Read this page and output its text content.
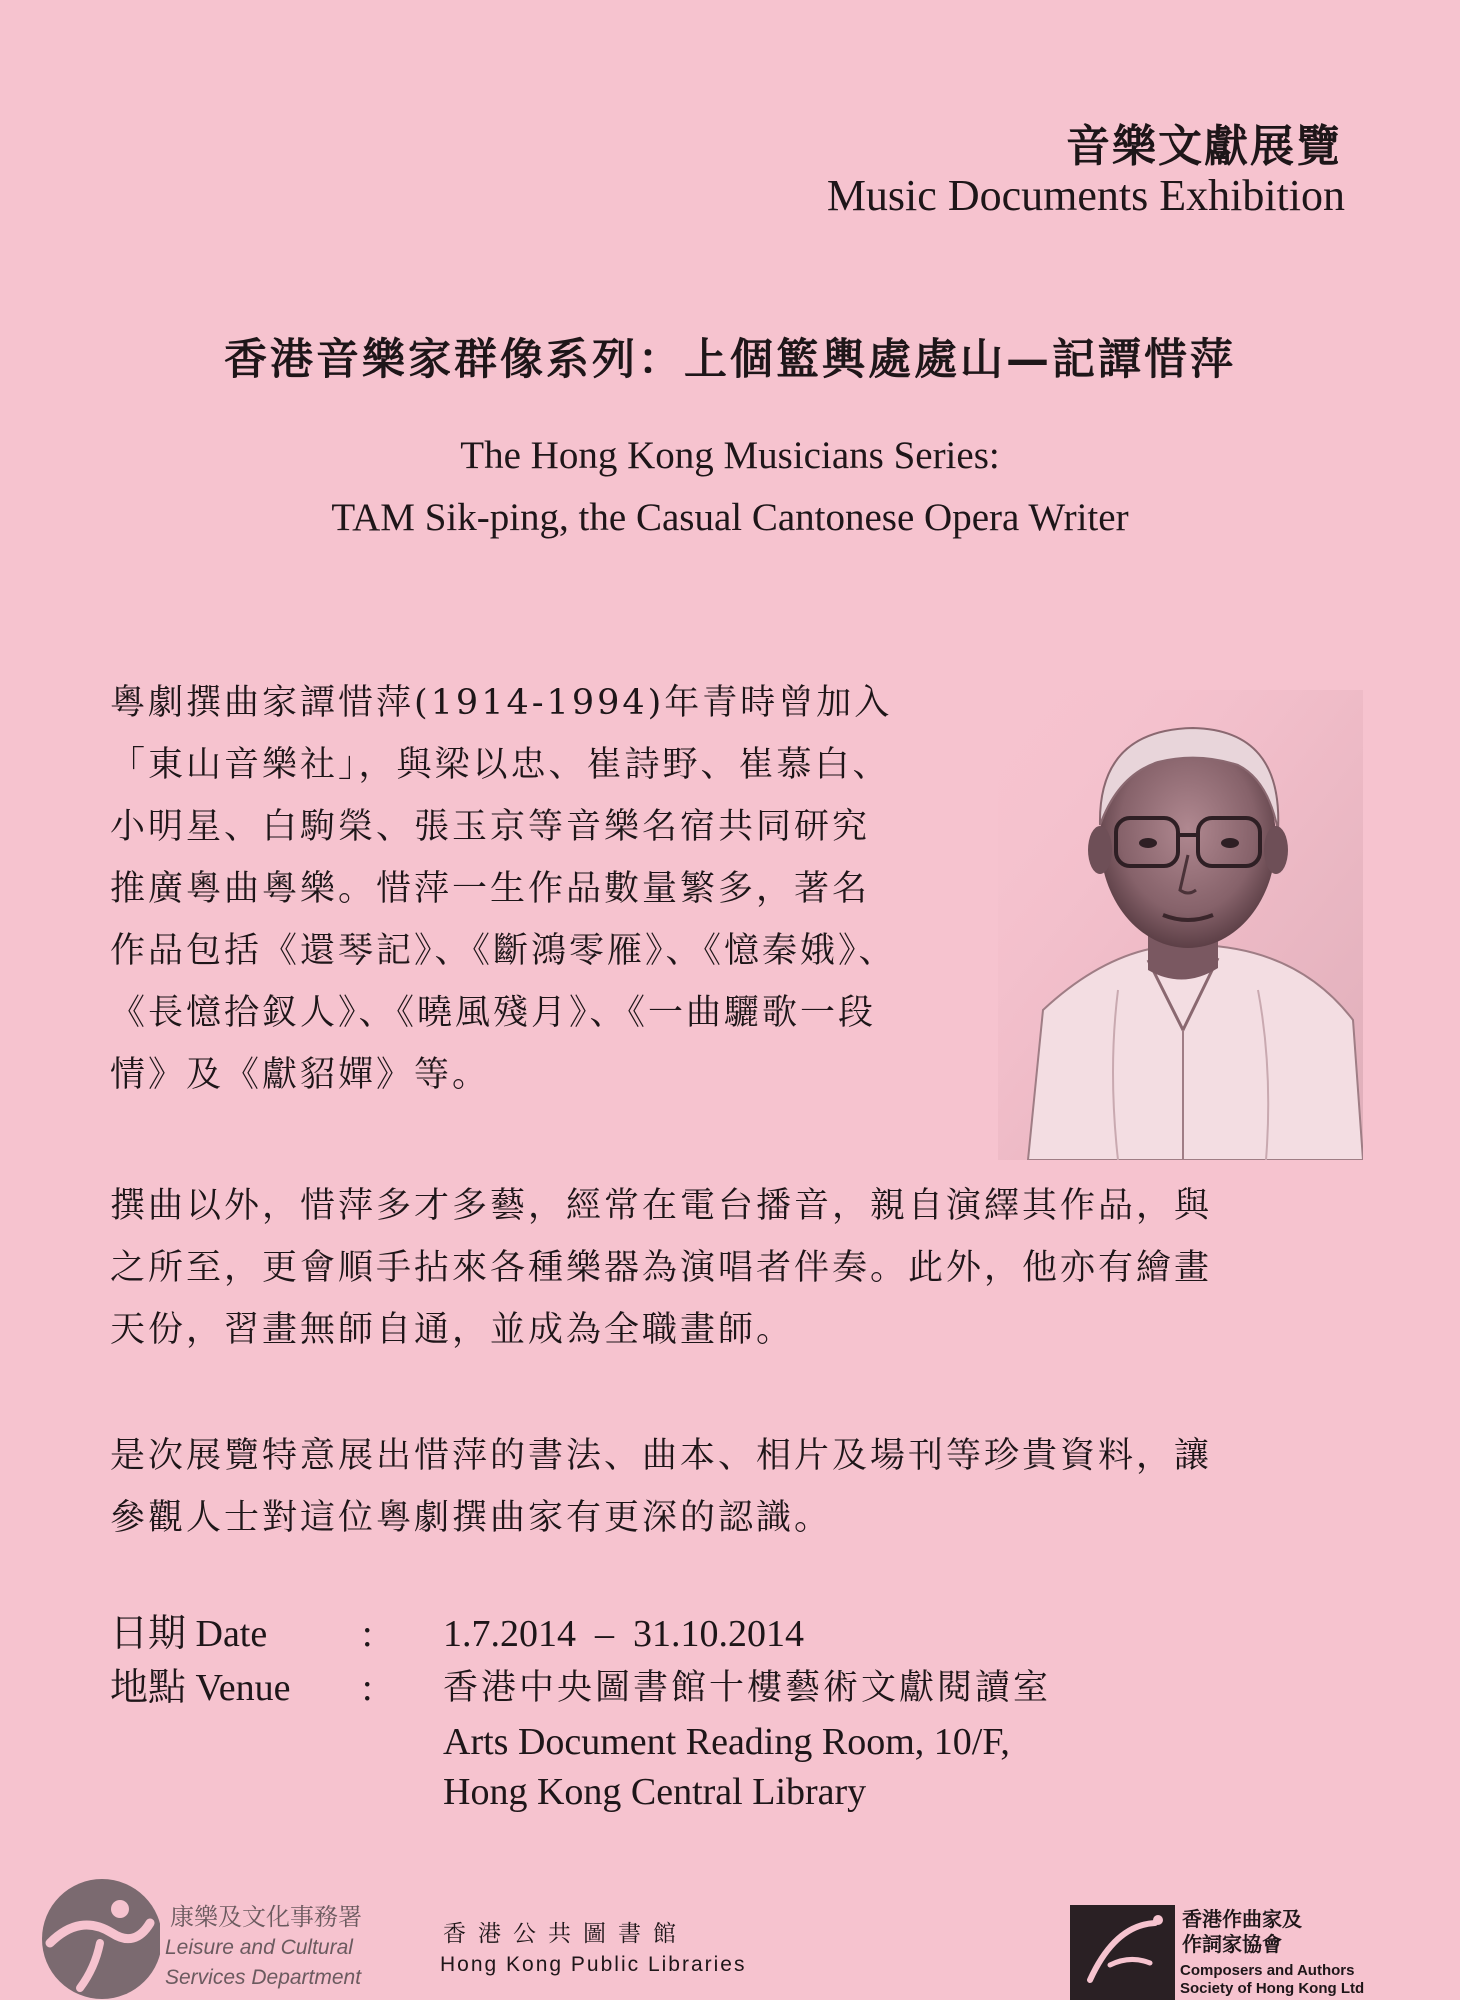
音樂文獻展覽
Music Documents Exhibition
香港音樂家群像系列：上個籃輿處處山—記譚惜萍
The Hong Kong Musicians Series:
TAM Sik-ping, the Casual Cantonese Opera Writer
粵劇撰曲家譚惜萍(1914-1994)年青時曾加入
「東山音樂社」，與梁以忠、崔詩野、崔慕白、
小明星、白駒榮、張玉京等音樂名宿共同研究
推廣粵曲粵樂。惜萍一生作品數量繁多，著名
作品包括《還琴記》、《斷鴻零雁》、《憶秦娥》、
《長憶拾釵人》、《曉風殘月》、《一曲驪歌一段
情》及《獻貂嬋》等。
撰曲以外，惜萍多才多藝，經常在電台播音，親自演繹其作品，與
之所至，更會順手拈來各種樂器為演唱者伴奏。此外，他亦有繪畫
天份，習畫無師自通，並成為全職畫師。
是次展覽特意展出惜萍的書法、曲本、相片及場刊等珍貴資料，讓
參觀人士對這位粵劇撰曲家有更深的認識。
日期 Date : 1.7.2014  –  31.10.2014
地點 Venue : 香港中央圖書館十樓藝術文獻閱讀室
Arts Document Reading Room, 10/F,
Hong Kong Central Library
康樂及文化事務署
Leisure and Cultural
Services Department
香港公共圖書館
Hong Kong Public Libraries
香港作曲家及
作詞家協會
Composers and Authors
Society of Hong Kong Ltd
